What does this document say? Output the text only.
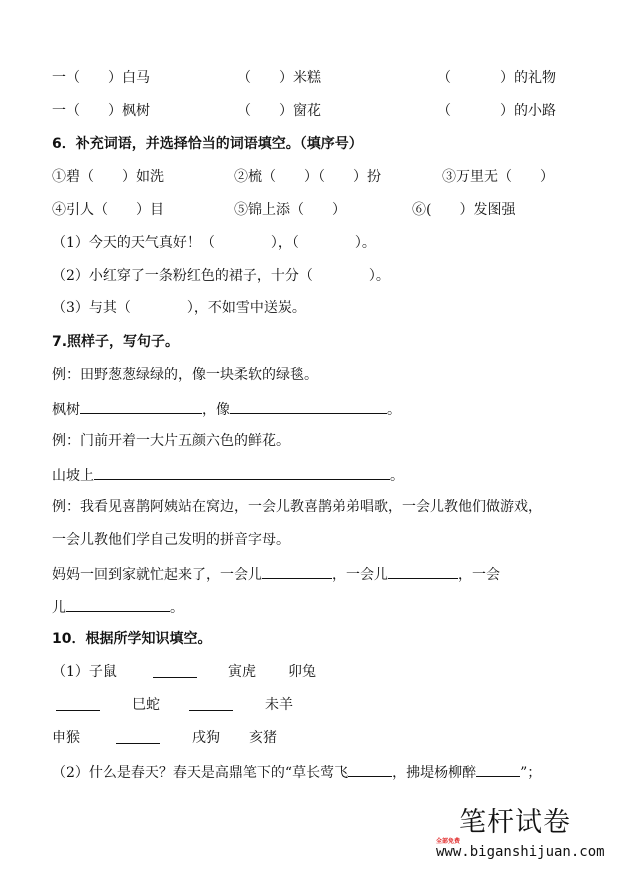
一（　　）白马	（　　）米糕	（	）的礼物
一（　　）枫树	（　　）窗花	（	）的小路
6．补充词语，并选择恰当的词语填空。（填序号）
①碧（　　）如洗	②梳（　　）（　　）扮	③万里无（　　）
④引人（　　）目	⑤锦上添（　　）	⑥(　　）发图强
（1）今天的天气真好！（　　　　），（　　　　）。
（2）小红穿了一条粉红色的裙子，十分（　　　　）。
（3）与其（　　　　），不如雪中送炭。
7.照样子，写句子。
例：田野葱葱绿绿的，像一块柔软的绿毯。
枫树	，像	。
例：门前开着一大片五颜六色的鲜花。
山坡上	。
例：我看见喜鹊阿姨站在窝边，一会儿教喜鹊弟弟唱歌，一会儿教他们做游戏，
一会儿教他们学自己发明的拼音字母。
妈妈一回到家就忙起来了，一会儿	，一会儿	，一会
儿	。
10．根据所学知识填空。
（1）子鼠	寅虎 卯兔
巳蛇	未羊
申猴	戌狗 亥猪
（2）什么是春天？春天是高鼎笔下的“草长莺飞	，拂堤杨柳醉	”；
笔杆试卷
全部免费
www.biganshijuan.com
